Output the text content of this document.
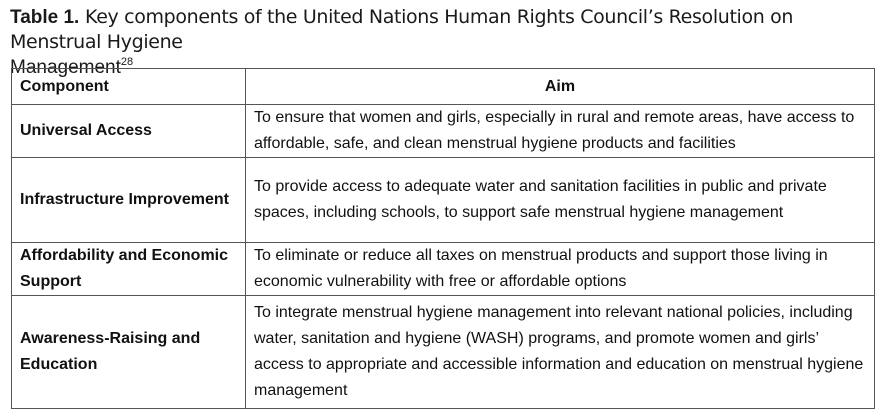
Table 1. Key components of the United Nations Human Rights Council’s Resolution on Menstrual Hygiene
Management$^{28}$
Component	Aim
Universal Access	To ensure that women and girls, especially in rural and remote areas, have access to affordable, safe, and clean menstrual hygiene products and facilities
Infrastructure Improvement	To provide access to adequate water and sanitation facilities in public and private spaces, including schools, to support safe menstrual hygiene management
Affordability and Economic Support	To eliminate or reduce all taxes on menstrual products and support those living in economic vulnerability with free or affordable options
Awareness-Raising and Education	To integrate menstrual hygiene management into relevant national policies, including water, sanitation and hygiene (WASH) programs, and promote women and girls’ access to appropriate and accessible information and education on menstrual hygiene management
